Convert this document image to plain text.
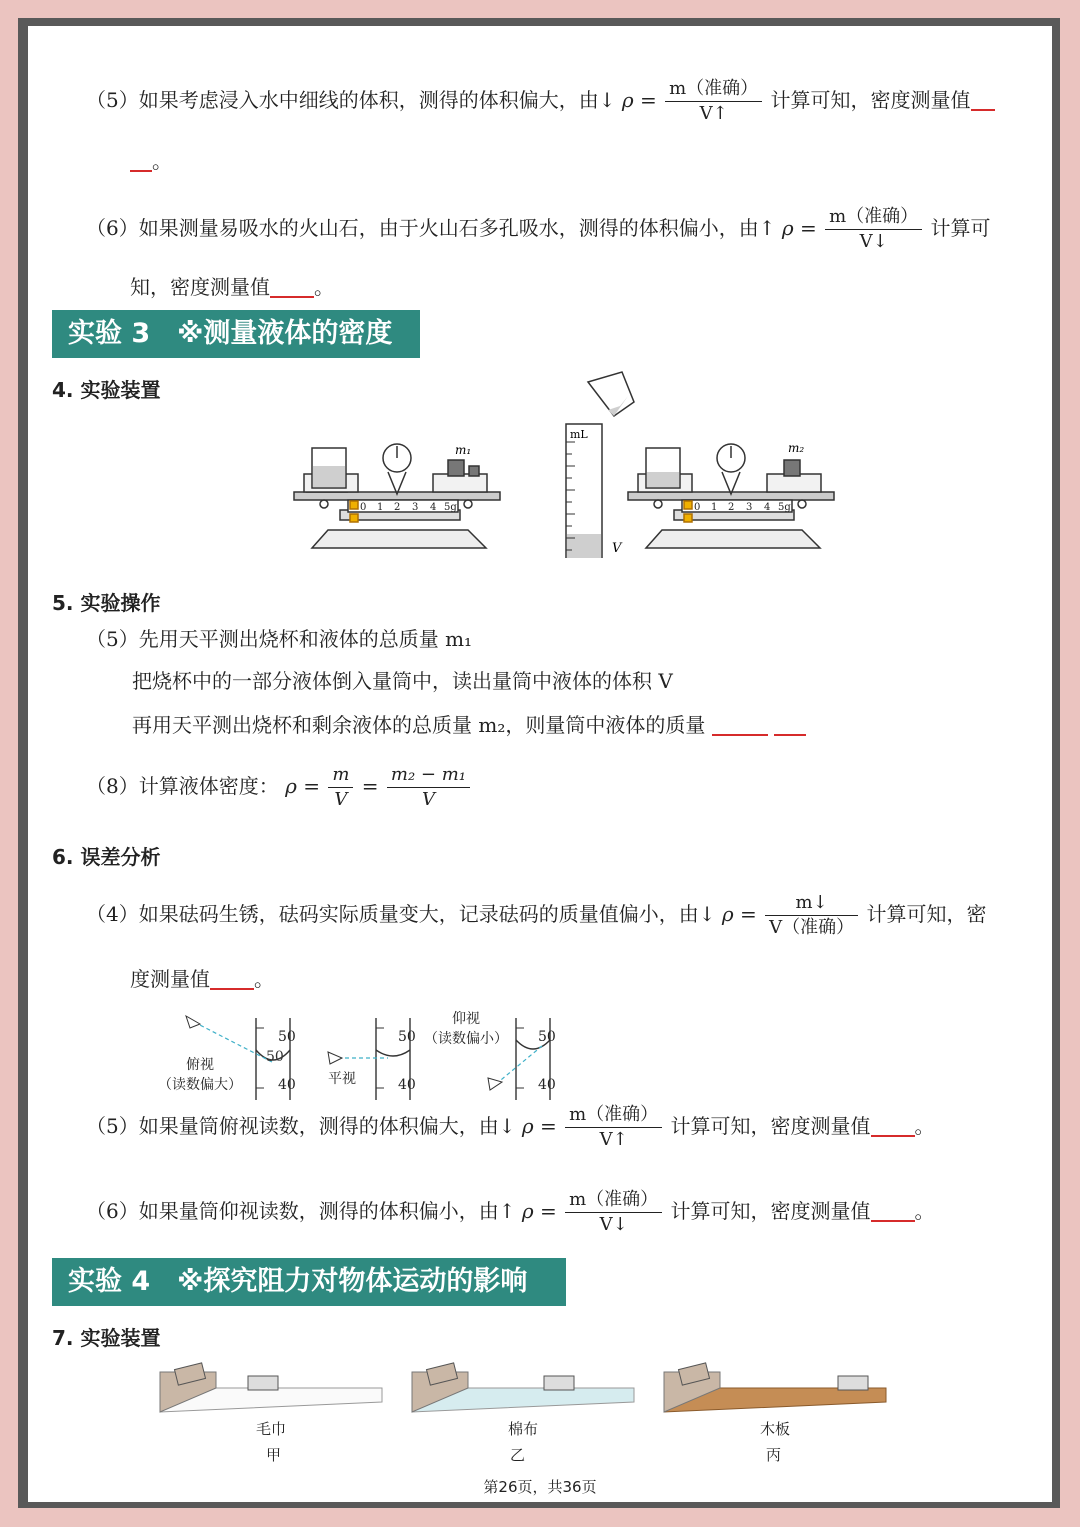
（5）如果考虑浸入水中细线的体积，测得的体积偏大，由↓ $\rho = \frac{\text{m（准确）}}{V↑}$ 计算可知，密度测量值
。
（6）如果测量易吸水的火山石，由于火山石多孔吸水，测得的体积偏小，由↑ $\rho = \frac{\text{m（准确）}}{V↓}$ 计算可
知，密度测量值 。
实验 3　※测量液体的密度
4. 实验装置
mL
V
m₁	m₂
0 1 2 3 4 5g	0 1 2 3 4 5g
5. 实验操作
（5）先用天平测出烧杯和液体的总质量 m₁
把烧杯中的一部分液体倒入量筒中，读出量筒中液体的体积 V
再用天平测出烧杯和剩余液体的总质量 m₂，则量筒中液体的质量
（8）计算液体密度： $\rho = \frac{m}{V} = \frac{\text{m₂ − m₁}}{V}$
6. 误差分析
（4）如果砝码生锈，砝码实际质量变大，记录砝码的质量值偏小，由↓ $\rho = \frac{m↓}{\text{V（准确）}}$ 计算可知，密
度测量值 。
50
50
40
50
40
50
40
俯视
（读数偏大）	平视
仰视
（读数偏小）
（5）如果量筒俯视读数，测得的体积偏大，由↓ $\rho = \frac{\text{m（准确）}}{V↑}$ 计算可知，密度测量值 。
（6）如果量筒仰视读数，测得的体积偏小，由↑ $\rho = \frac{\text{m（准确）}}{V↓}$ 计算可知，密度测量值 。
实验 4　※探究阻力对物体运动的影响
7. 实验装置
毛巾
甲
棉布
乙
木板
丙
第26页，共36页
